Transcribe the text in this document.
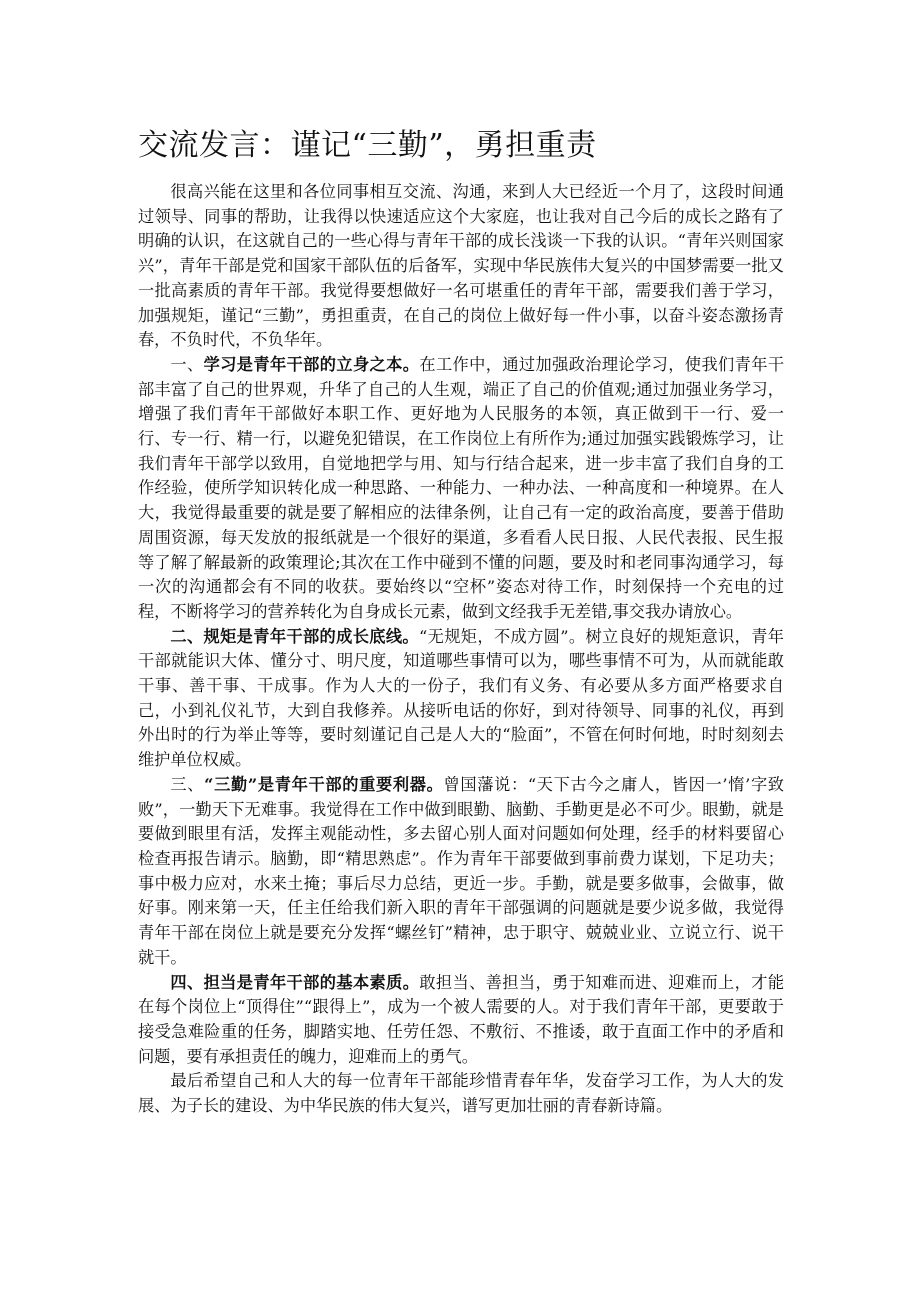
交流发言：谨记“三勤”，勇担重责

很高兴能在这里和各位同事相互交流、沟通，来到人大已经近一个月了，这段时间通过领导、同事的帮助，让我得以快速适应这个大家庭，也让我对自己今后的成长之路有了明确的认识，在这就自己的一些心得与青年干部的成长浅谈一下我的认识。“青年兴则国家兴”，青年干部是党和国家干部队伍的后备军，实现中华民族伟大复兴的中国梦需要一批又一批高素质的青年干部。我觉得要想做好一名可堪重任的青年干部，需要我们善于学习，加强规矩，谨记“三勤”，勇担重责，在自己的岗位上做好每一件小事，以奋斗姿态激扬青春，不负时代，不负华年。

一、学习是青年干部的立身之本。在工作中，通过加强政治理论学习，使我们青年干部丰富了自己的世界观，升华了自己的人生观，端正了自己的价值观;通过加强业务学习，增强了我们青年干部做好本职工作、更好地为人民服务的本领，真正做到干一行、爱一行、专一行、精一行，以避免犯错误，在工作岗位上有所作为;通过加强实践锻炼学习，让我们青年干部学以致用，自觉地把学与用、知与行结合起来，进一步丰富了我们自身的工作经验，使所学知识转化成一种思路、一种能力、一种办法、一种高度和一种境界。在人大，我觉得最重要的就是要了解相应的法律条例，让自己有一定的政治高度，要善于借助周围资源，每天发放的报纸就是一个很好的渠道，多看看人民日报、人民代表报、民生报等了解了解最新的政策理论;其次在工作中碰到不懂的问题，要及时和老同事沟通学习，每一次的沟通都会有不同的收获。要始终以“空杯”姿态对待工作，时刻保持一个充电的过程，不断将学习的营养转化为自身成长元素，做到文经我手无差错,事交我办请放心。

二、规矩是青年干部的成长底线。“无规矩，不成方圆”。树立良好的规矩意识，青年干部就能识大体、懂分寸、明尺度，知道哪些事情可以为，哪些事情不可为，从而就能敢干事、善干事、干成事。作为人大的一份子，我们有义务、有必要从多方面严格要求自己，小到礼仪礼节，大到自我修养。从接听电话的你好，到对待领导、同事的礼仪，再到外出时的行为举止等等，要时刻谨记自己是人大的“脸面”，不管在何时何地，时时刻刻去维护单位权威。

三、“三勤”是青年干部的重要利器。曾国藩说：“天下古今之庸人，皆因一’惰’字致败”，一勤天下无难事。我觉得在工作中做到眼勤、脑勤、手勤更是必不可少。眼勤，就是要做到眼里有活，发挥主观能动性，多去留心别人面对问题如何处理，经手的材料要留心检查再报告请示。脑勤，即“精思熟虑”。作为青年干部要做到事前费力谋划，下足功夫；事中极力应对，水来土掩；事后尽力总结，更近一步。手勤，就是要多做事，会做事，做好事。刚来第一天，任主任给我们新入职的青年干部强调的问题就是要少说多做，我觉得青年干部在岗位上就是要充分发挥“螺丝钉”精神，忠于职守、兢兢业业、立说立行、说干就干。

四、担当是青年干部的基本素质。敢担当、善担当，勇于知难而进、迎难而上，才能在每个岗位上“顶得住”“跟得上”，成为一个被人需要的人。对于我们青年干部，更要敢于接受急难险重的任务，脚踏实地、任劳任怨、不敷衍、不推诿，敢于直面工作中的矛盾和问题，要有承担责任的魄力，迎难而上的勇气。

最后希望自己和人大的每一位青年干部能珍惜青春年华，发奋学习工作，为人大的发展、为子长的建设、为中华民族的伟大复兴，谱写更加壮丽的青春新诗篇。
